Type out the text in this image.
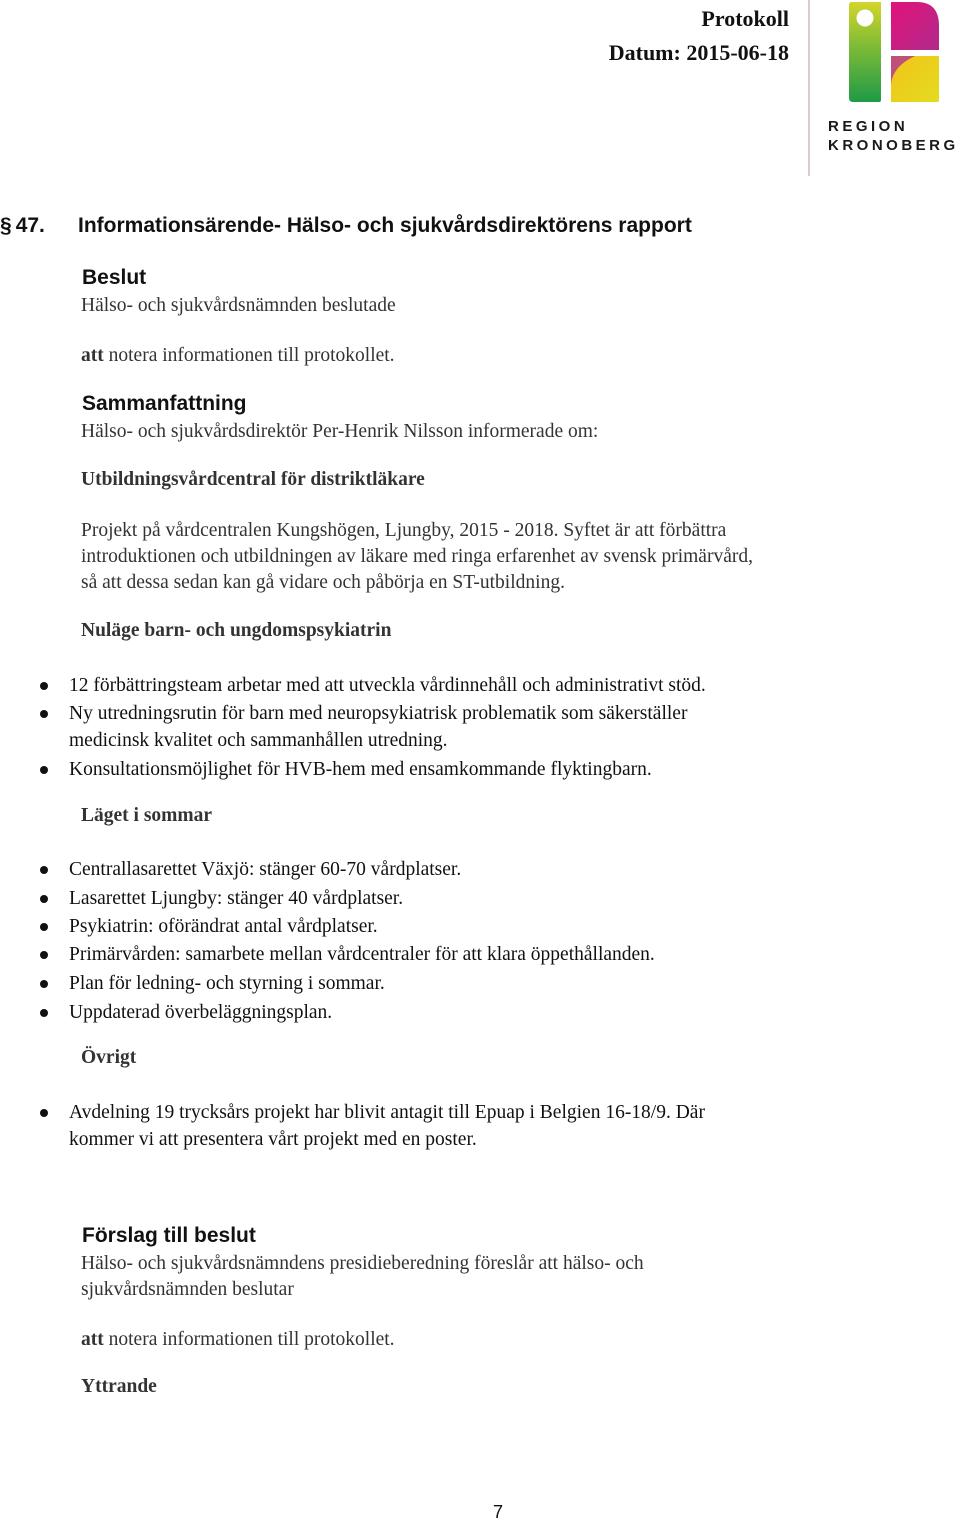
Protokoll
Datum: 2015-06-18
REGION
KRONOBERG
§ 47. Informationsärende- Hälso- och sjukvårdsdirektörens rapport
Beslut
Hälso- och sjukvårdsnämnden beslutade
att notera informationen till protokollet.
Sammanfattning
Hälso- och sjukvårdsdirektör Per-Henrik Nilsson informerade om:
Utbildningsvårdcentral för distriktläkare
Projekt på vårdcentralen Kungshögen, Ljungby, 2015 - 2018. Syftet är att förbättra
introduktionen och utbildningen av läkare med ringa erfarenhet av svensk primärvård,
så att dessa sedan kan gå vidare och påbörja en ST-utbildning.
Nuläge barn- och ungdomspsykiatrin
12 förbättringsteam arbetar med att utveckla vårdinnehåll och administrativt stöd.
Ny utredningsrutin för barn med neuropsykiatrisk problematik som säkerställer
medicinsk kvalitet och sammanhållen utredning.
Konsultationsmöjlighet för HVB-hem med ensamkommande flyktingbarn.
Läget i sommar
Centrallasarettet Växjö: stänger 60-70 vårdplatser.
Lasarettet Ljungby: stänger 40 vårdplatser.
Psykiatrin: oförändrat antal vårdplatser.
Primärvården: samarbete mellan vårdcentraler för att klara öppethållanden.
Plan för ledning- och styrning i sommar.
Uppdaterad överbeläggningsplan.
Övrigt
Avdelning 19 trycksårs projekt har blivit antagit till Epuap i Belgien 16-18/9. Där
kommer vi att presentera vårt projekt med en poster.
Förslag till beslut
Hälso- och sjukvårdsnämndens presidieberedning föreslår att hälso- och
sjukvårdsnämnden beslutar
att notera informationen till protokollet.
Yttrande
7
